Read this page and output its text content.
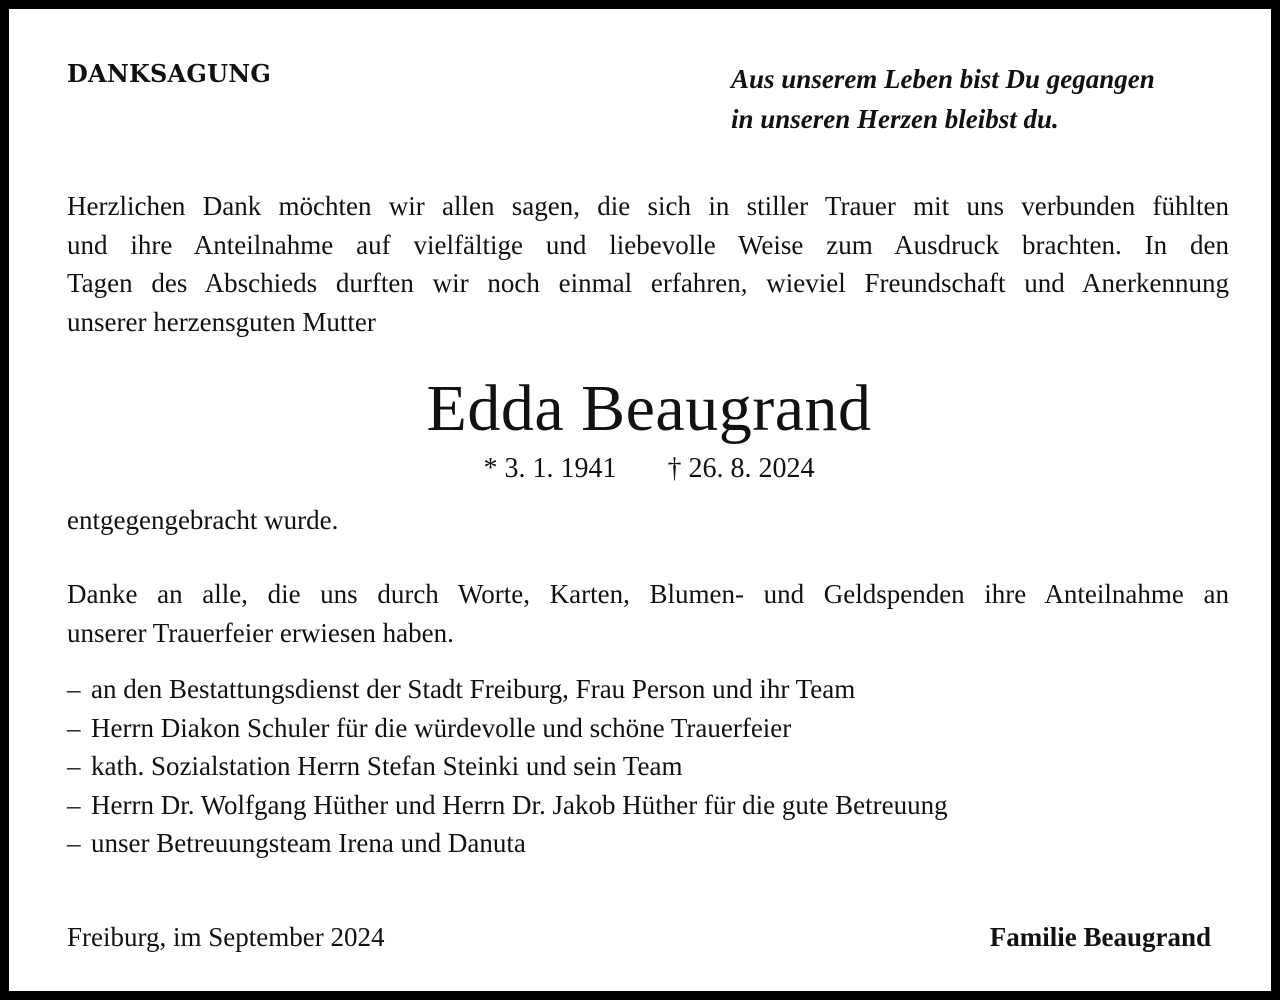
DANKSAGUNG	Aus unserem Leben bist Du gegangen
in unseren Herzen bleibst du.
Herzlichen Dank möchten wir allen sagen, die sich in stiller Trauer mit uns verbunden fühlten
und ihre Anteilnahme auf vielfältige und liebevolle Weise zum Ausdruck brachten. In den
Tagen des Abschieds durften wir noch einmal erfahren, wieviel Freundschaft und Anerkennung
unserer herzensguten Mutter
Edda Beaugrand
* 3. 1. 1941 † 26. 8. 2024
entgegengebracht wurde.
Danke an alle, die uns durch Worte, Karten, Blumen- und Geldspenden ihre Anteilnahme an
unserer Trauerfeier erwiesen haben.
– an den Bestattungsdienst der Stadt Freiburg, Frau Person und ihr Team
– Herrn Diakon Schuler für die würdevolle und schöne Trauerfeier
– kath. Sozialstation Herrn Stefan Steinki und sein Team
– Herrn Dr. Wolfgang Hüther und Herrn Dr. Jakob Hüther für die gute Betreuung
– unser Betreuungsteam Irena und Danuta
Freiburg, im September 2024	Familie Beaugrand
